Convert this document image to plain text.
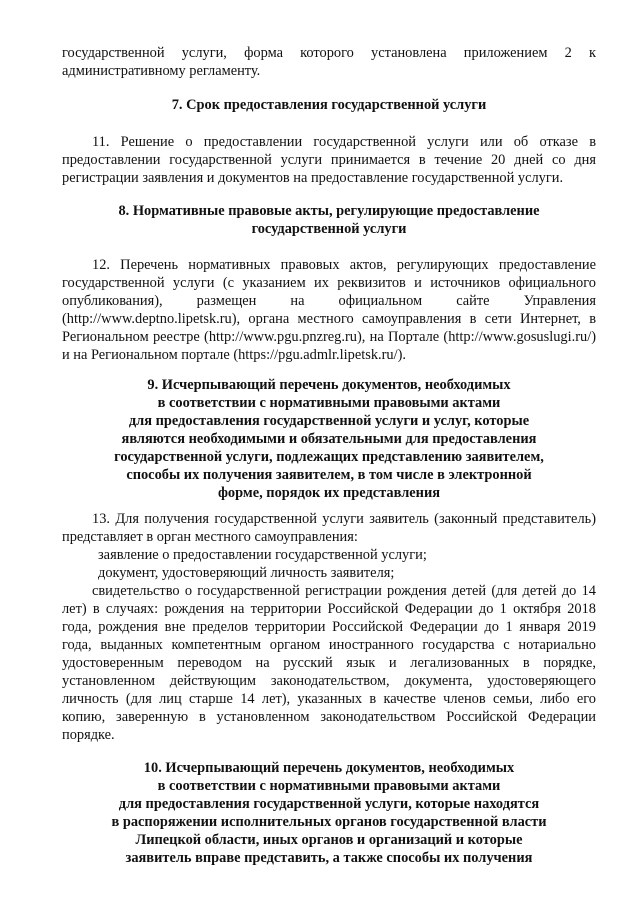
государственной услуги, форма которого установлена приложением 2 к административному регламенту.

7. Срок предоставления государственной услуги

11. Решение о предоставлении государственной услуги или об отказе в предоставлении государственной услуги принимается в течение 20 дней со дня регистрации заявления и документов на предоставление государственной услуги.

8. Нормативные правовые акты, регулирующие предоставление
государственной услуги

12. Перечень нормативных правовых актов, регулирующих предоставление государственной услуги (с указанием их реквизитов и источников официального опубликования), размещен на официальном сайте Управления (http://www.deptno.lipetsk.ru), органа местного самоуправления в сети Интернет, в Региональном реестре (http://www.pgu.pnzreg.ru), на Портале (http://www.gosuslugi.ru/) и на Региональном портале (https://pgu.admlr.lipetsk.ru/).

9. Исчерпывающий перечень документов, необходимых
в соответствии с нормативными правовыми актами
для предоставления государственной услуги и услуг, которые
являются необходимыми и обязательными для предоставления
государственной услуги, подлежащих представлению заявителем,
способы их получения заявителем, в том числе в электронной
форме, порядок их представления
13. Для получения государственной услуги заявитель (законный представитель) представляет в орган местного самоуправления:
заявление о предоставлении государственной услуги;
документ, удостоверяющий личность заявителя;
свидетельство о государственной регистрации рождения детей (для детей до 14 лет) в случаях: рождения на территории Российской Федерации до 1 октября 2018 года, рождения вне пределов территории Российской Федерации до 1 января 2019 года, выданных компетентным органом иностранного государства с нотариально удостоверенным переводом на русский язык и легализованных в порядке, установленном действующим законодательством, документа, удостоверяющего личность (для лиц старше 14 лет), указанных в качестве членов семьи, либо его копию, заверенную в установленном законодательством Российской Федерации порядке.
10. Исчерпывающий перечень документов, необходимых
в соответствии с нормативными правовыми актами
для предоставления государственной услуги, которые находятся
в распоряжении исполнительных органов государственной власти
Липецкой области, иных органов и организаций и которые
заявитель вправе представить, а также способы их получения
